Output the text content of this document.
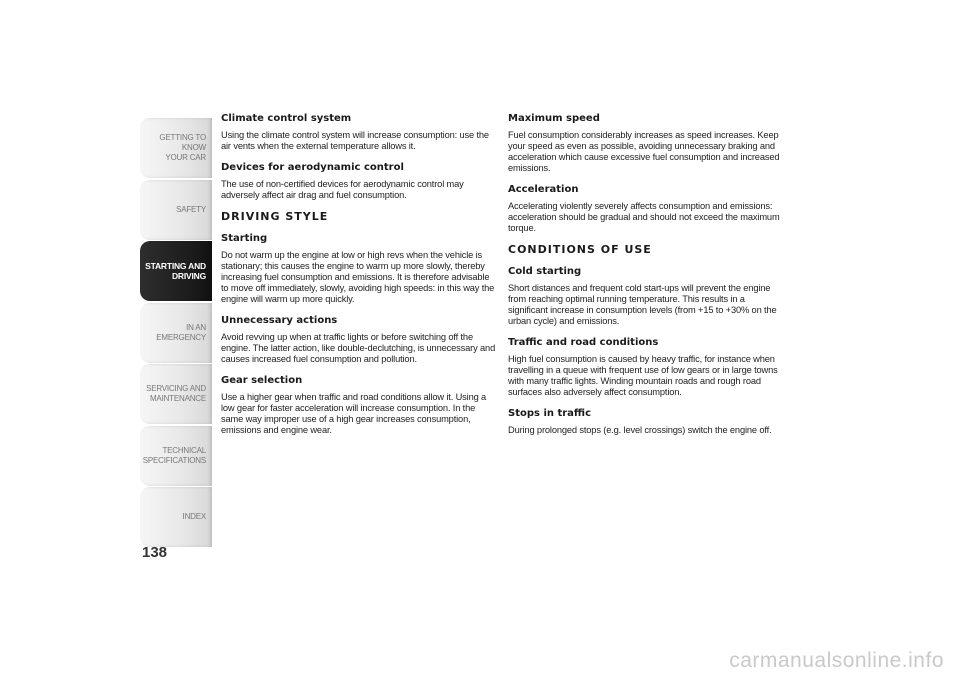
GETTING TO KNOW
YOUR CAR
SAFETY
STARTING AND
DRIVING
IN AN EMERGENCY
SERVICING AND
MAINTENANCE
TECHNICAL
SPECIFICATIONS
INDEX
138
Climate control system
Using the climate control system will increase consumption: use the air vents when the external temperature allows it.
Devices for aerodynamic control
The use of non-certified devices for aerodynamic control may adversely affect air drag and fuel consumption.
DRIVING STYLE
Starting
Do not warm up the engine at low or high revs when the vehicle is stationary; this causes the engine to warm up more slowly, thereby increasing fuel consumption and emissions. It is therefore advisable to move off immediately, slowly, avoiding high speeds: in this way the engine will warm up more quickly.
Unnecessary actions
Avoid revving up when at traffic lights or before switching off the engine. The latter action, like double-declutching, is unnecessary and causes increased fuel consumption and pollution.
Gear selection
Use a higher gear when traffic and road conditions allow it. Using a low gear for faster acceleration will increase consumption. In the same way improper use of a high gear increases consumption, emissions and engine wear.
Maximum speed
Fuel consumption considerably increases as speed increases. Keep your speed as even as possible, avoiding unnecessary braking and acceleration which cause excessive fuel consumption and increased emissions.
Acceleration
Accelerating violently severely affects consumption and emissions: acceleration should be gradual and should not exceed the maximum torque.
CONDITIONS OF USE
Cold starting
Short distances and frequent cold start-ups will prevent the engine from reaching optimal running temperature. This results in a significant increase in consumption levels (from +15 to +30% on the urban cycle) and emissions.
Traffic and road conditions
High fuel consumption is caused by heavy traffic, for instance when travelling in a queue with frequent use of low gears or in large towns with many traffic lights. Winding mountain roads and rough road surfaces also adversely affect consumption.
Stops in traffic
During prolonged stops (e.g. level crossings) switch the engine off.
carmanualsonline.info
